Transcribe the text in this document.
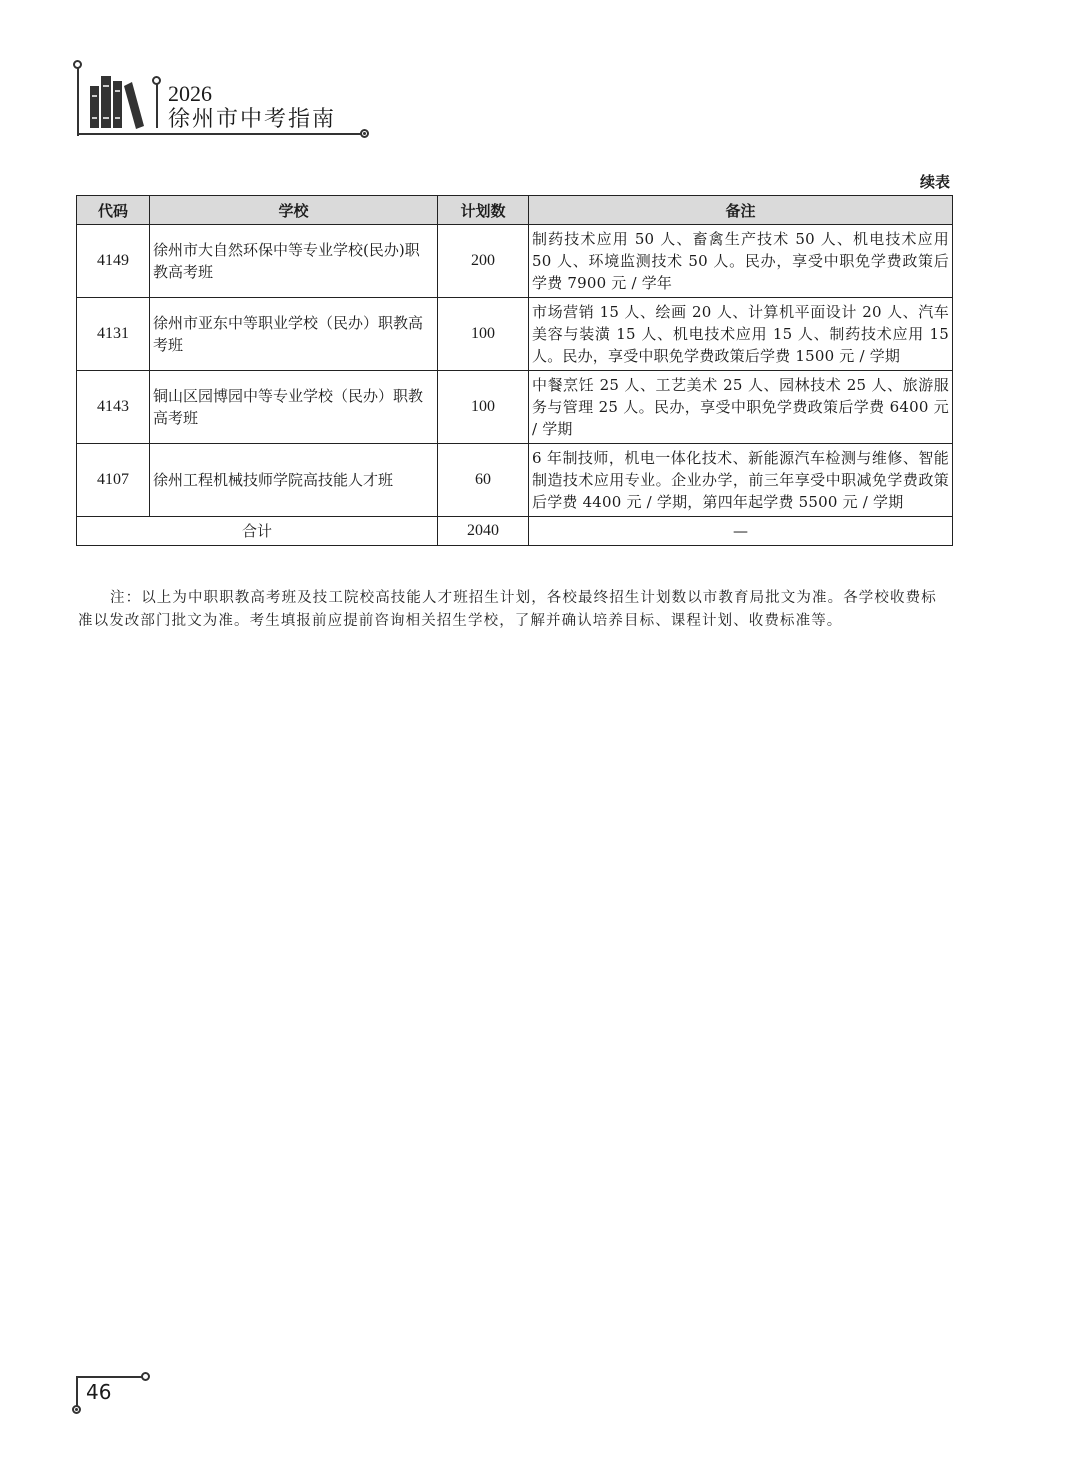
2026
徐州市中考指南
续表
代码	学校	计划数	备注
4149	徐州市大自然环保中等专业学校(民办)职教高考班	200	制药技术应用 50 人、畜禽生产技术 50 人、机电技术应用 50 人、环境监测技术 50 人。民办，享受中职免学费政策后学费 7900 元 / 学年
4131	徐州市亚东中等职业学校（民办）职教高考班	100	市场营销 15 人、绘画 20 人、计算机平面设计 20 人、汽车美容与装潢 15 人、机电技术应用 15 人、制药技术应用 15 人。民办，享受中职免学费政策后学费 1500 元 / 学期
4143	铜山区园博园中等专业学校（民办）职教高考班	100	中餐烹饪 25 人、工艺美术 25 人、园林技术 25 人、旅游服务与管理 25 人。民办，享受中职免学费政策后学费 6400 元 / 学期
4107	徐州工程机械技师学院高技能人才班	60	6 年制技师，机电一体化技术、新能源汽车检测与维修、智能制造技术应用专业。企业办学，前三年享受中职减免学费政策后学费 4400 元 / 学期，第四年起学费 5500 元 / 学期
合计		2040	—
注：以上为中职职教高考班及技工院校高技能人才班招生计划，各校最终招生计划数以市教育局批文为准。各学校收费标准以发改部门批文为准。考生填报前应提前咨询相关招生学校，了解并确认培养目标、课程计划、收费标准等。
46
